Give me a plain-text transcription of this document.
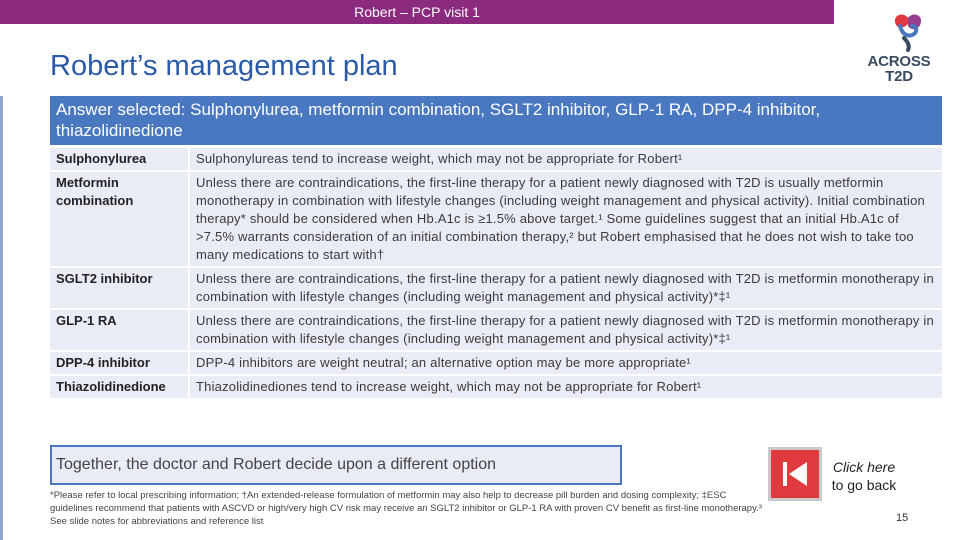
Robert – PCP visit 1
Robert’s management plan	ACROSS
T2D
Answer selected: Sulphonylurea, metformin combination, SGLT2 inhibitor, GLP-1 RA, DPP-4 inhibitor, thiazolidinedione
Sulphonylurea	Sulphonylureas tend to increase weight, which may not be appropriate for Robert¹
Metformin combination	Unless there are contraindications, the first-line therapy for a patient newly diagnosed with T2D is usually metformin monotherapy in combination with lifestyle changes (including weight management and physical activity). Initial combination therapy* should be considered when Hb.A1c is ≥1.5% above target.¹ Some guidelines suggest that an initial Hb.A1c of >7.5% warrants consideration of an initial combination therapy,² but Robert emphasised that he does not wish to take too many medications to start with†
SGLT2 inhibitor	Unless there are contraindications, the first-line therapy for a patient newly diagnosed with T2D is metformin monotherapy in combination with lifestyle changes (including weight management and physical activity)*‡¹
GLP-1 RA	Unless there are contraindications, the first-line therapy for a patient newly diagnosed with T2D is metformin monotherapy in combination with lifestyle changes (including weight management and physical activity)*‡¹
DPP-4 inhibitor	DPP-4 inhibitors are weight neutral; an alternative option may be more appropriate¹
Thiazolidinedione	Thiazolidinediones tend to increase weight, which may not be appropriate for Robert¹
Together, the doctor and Robert decide upon a different option
*Please refer to local prescribing information; †An extended-release formulation of metformin may also help to decrease pill burden and dosing complexity; ‡ESC guidelines recommend that patients with ASCVD or high/very high CV risk may receive an SGLT2 inhibitor or GLP-1 RA with proven CV benefit as first-line monotherapy.³ See slide notes for abbreviations and reference list
Click here
to go back
15
